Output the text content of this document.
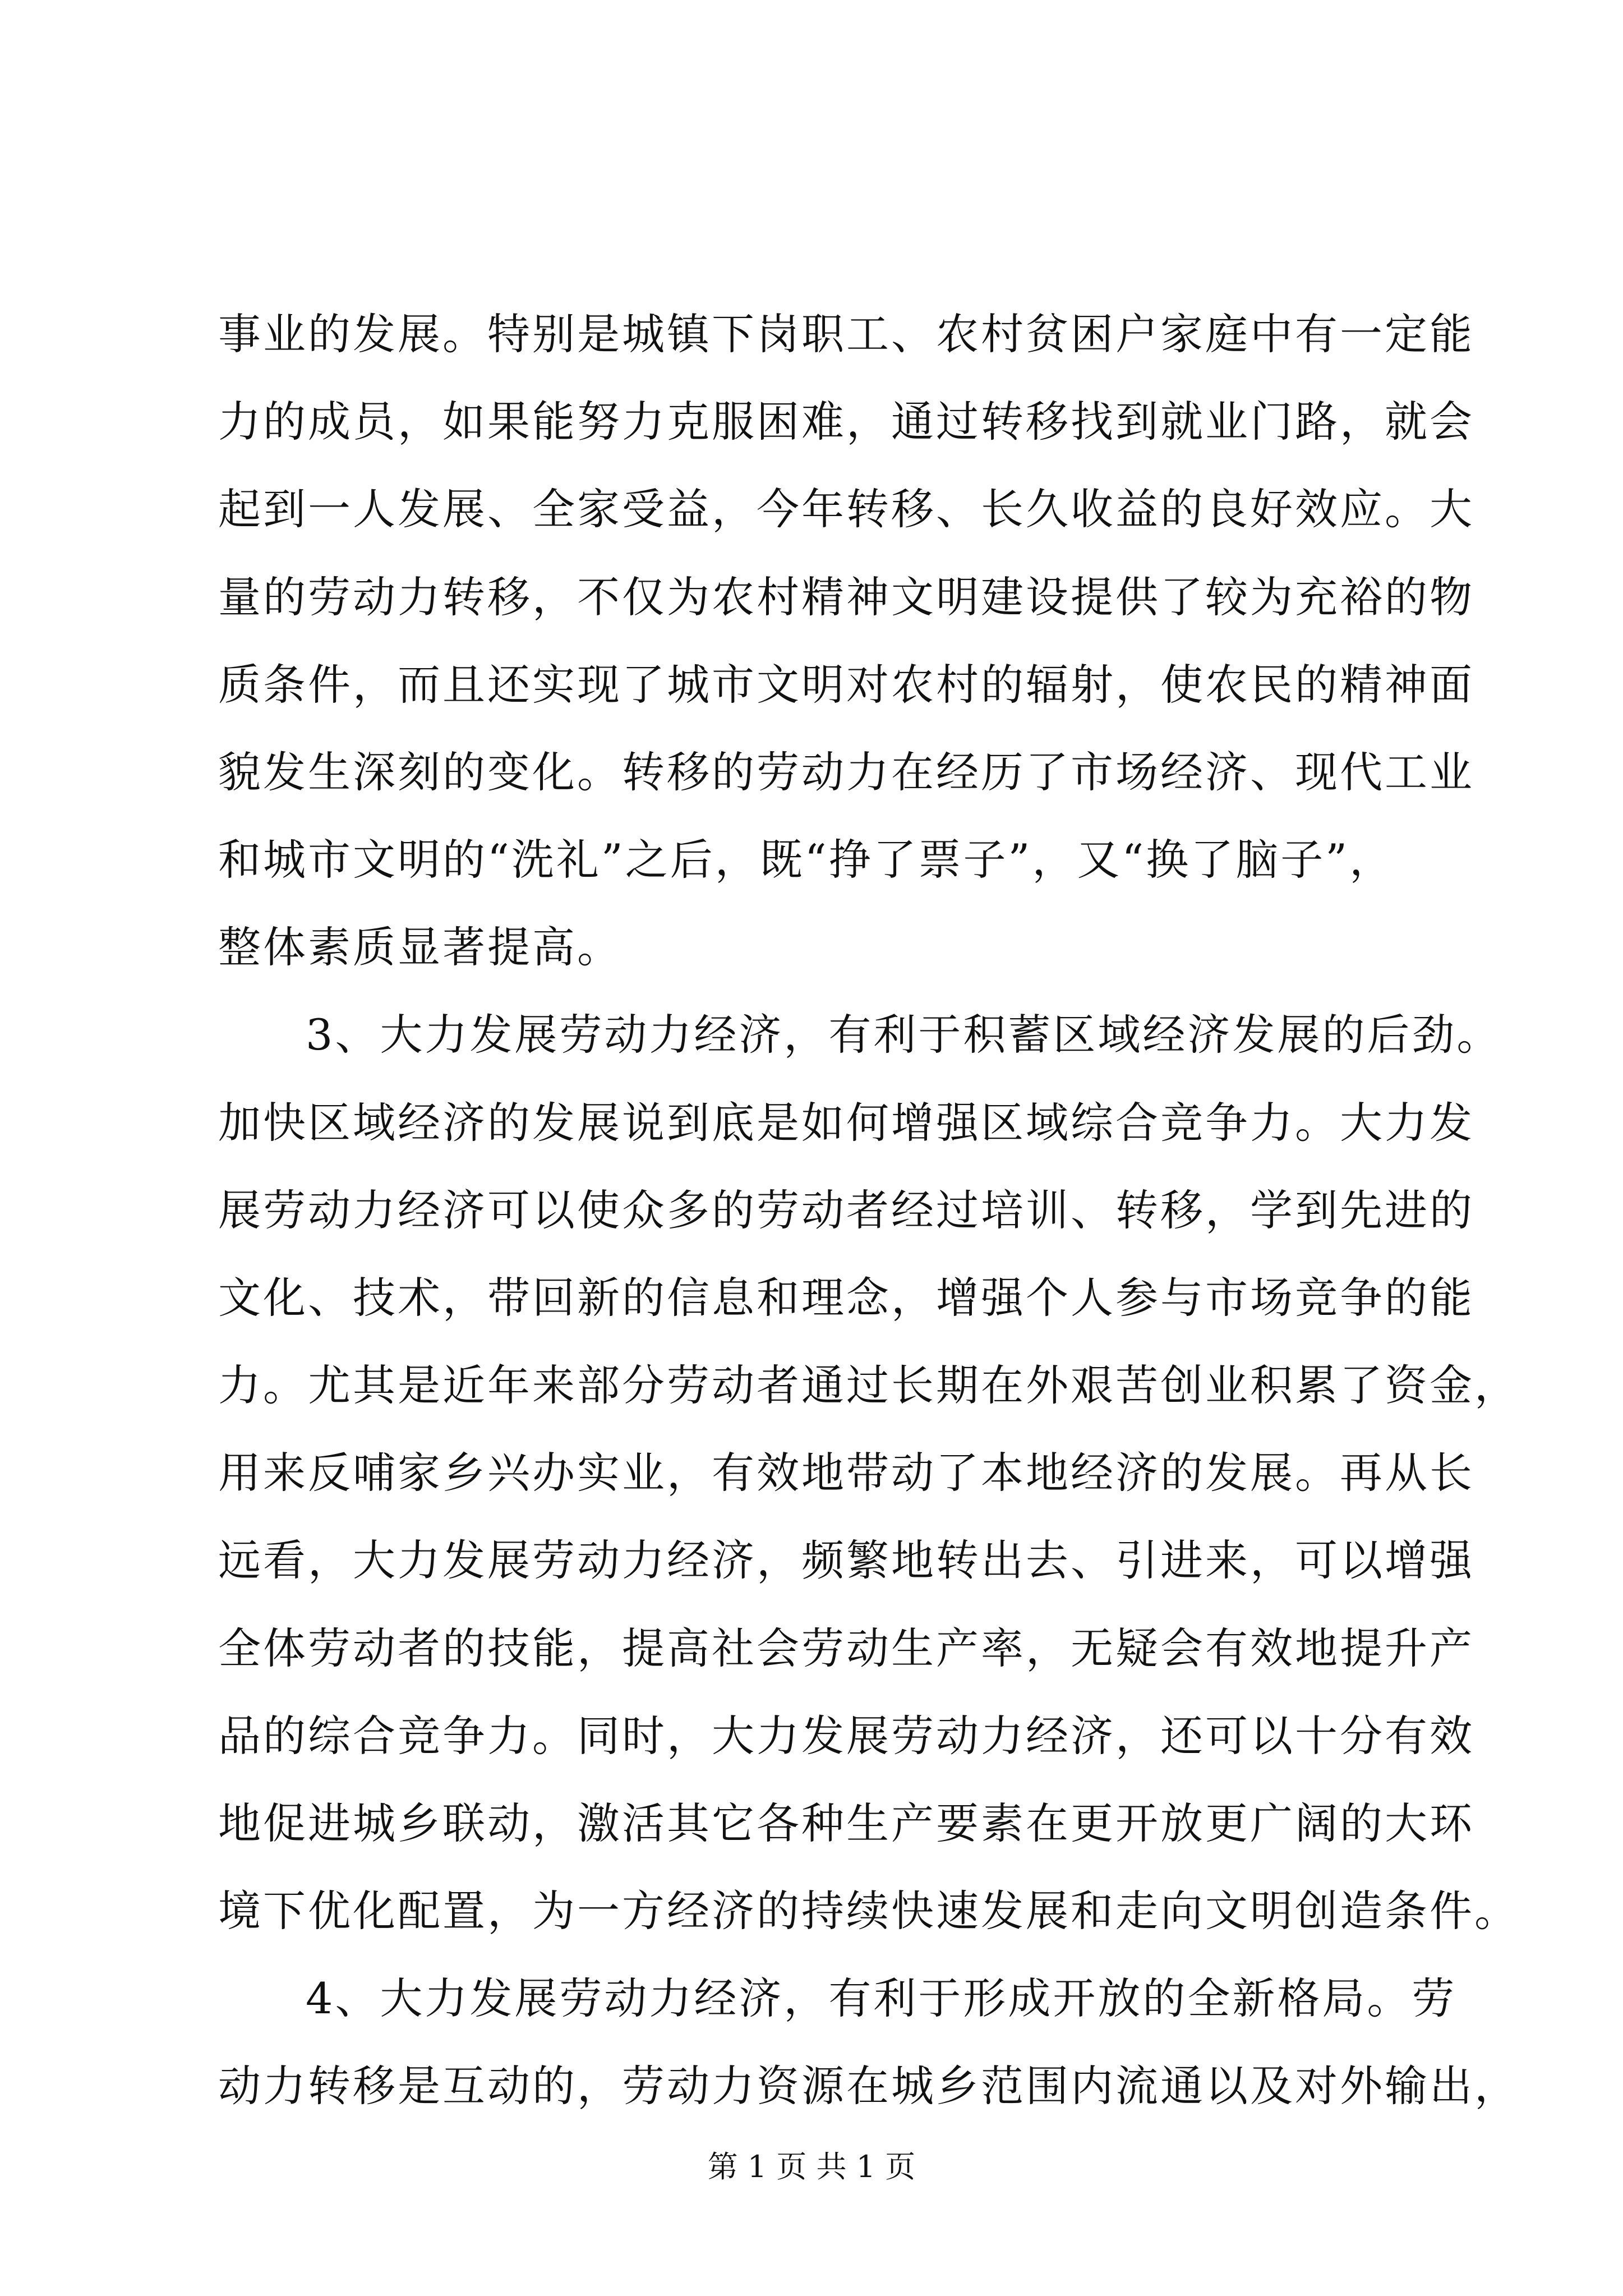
事业的发展。特别是城镇下岗职工、农村贫困户家庭中有一定能
力的成员，如果能努力克服困难，通过转移找到就业门路，就会
起到一人发展、全家受益，今年转移、长久收益的良好效应。大
量的劳动力转移，不仅为农村精神文明建设提供了较为充裕的物
质条件，而且还实现了城市文明对农村的辐射，使农民的精神面
貌发生深刻的变化。转移的劳动力在经历了市场经济、现代工业
和城市文明的“洗礼”之后，既“挣了票子”，又“换了脑子”，
整体素质显著提高。
3、大力发展劳动力经济，有利于积蓄区域经济发展的后劲。
加快区域经济的发展说到底是如何增强区域综合竞争力。大力发
展劳动力经济可以使众多的劳动者经过培训、转移，学到先进的
文化、技术，带回新的信息和理念，增强个人参与市场竞争的能
力。尤其是近年来部分劳动者通过长期在外艰苦创业积累了资金，
用来反哺家乡兴办实业，有效地带动了本地经济的发展。再从长
远看，大力发展劳动力经济，频繁地转出去、引进来，可以增强
全体劳动者的技能，提高社会劳动生产率，无疑会有效地提升产
品的综合竞争力。同时，大力发展劳动力经济，还可以十分有效
地促进城乡联动，激活其它各种生产要素在更开放更广阔的大环
境下优化配置，为一方经济的持续快速发展和走向文明创造条件。
4、大力发展劳动力经济，有利于形成开放的全新格局。劳
动力转移是互动的，劳动力资源在城乡范围内流通以及对外输出，
第 1 页 共 1 页
